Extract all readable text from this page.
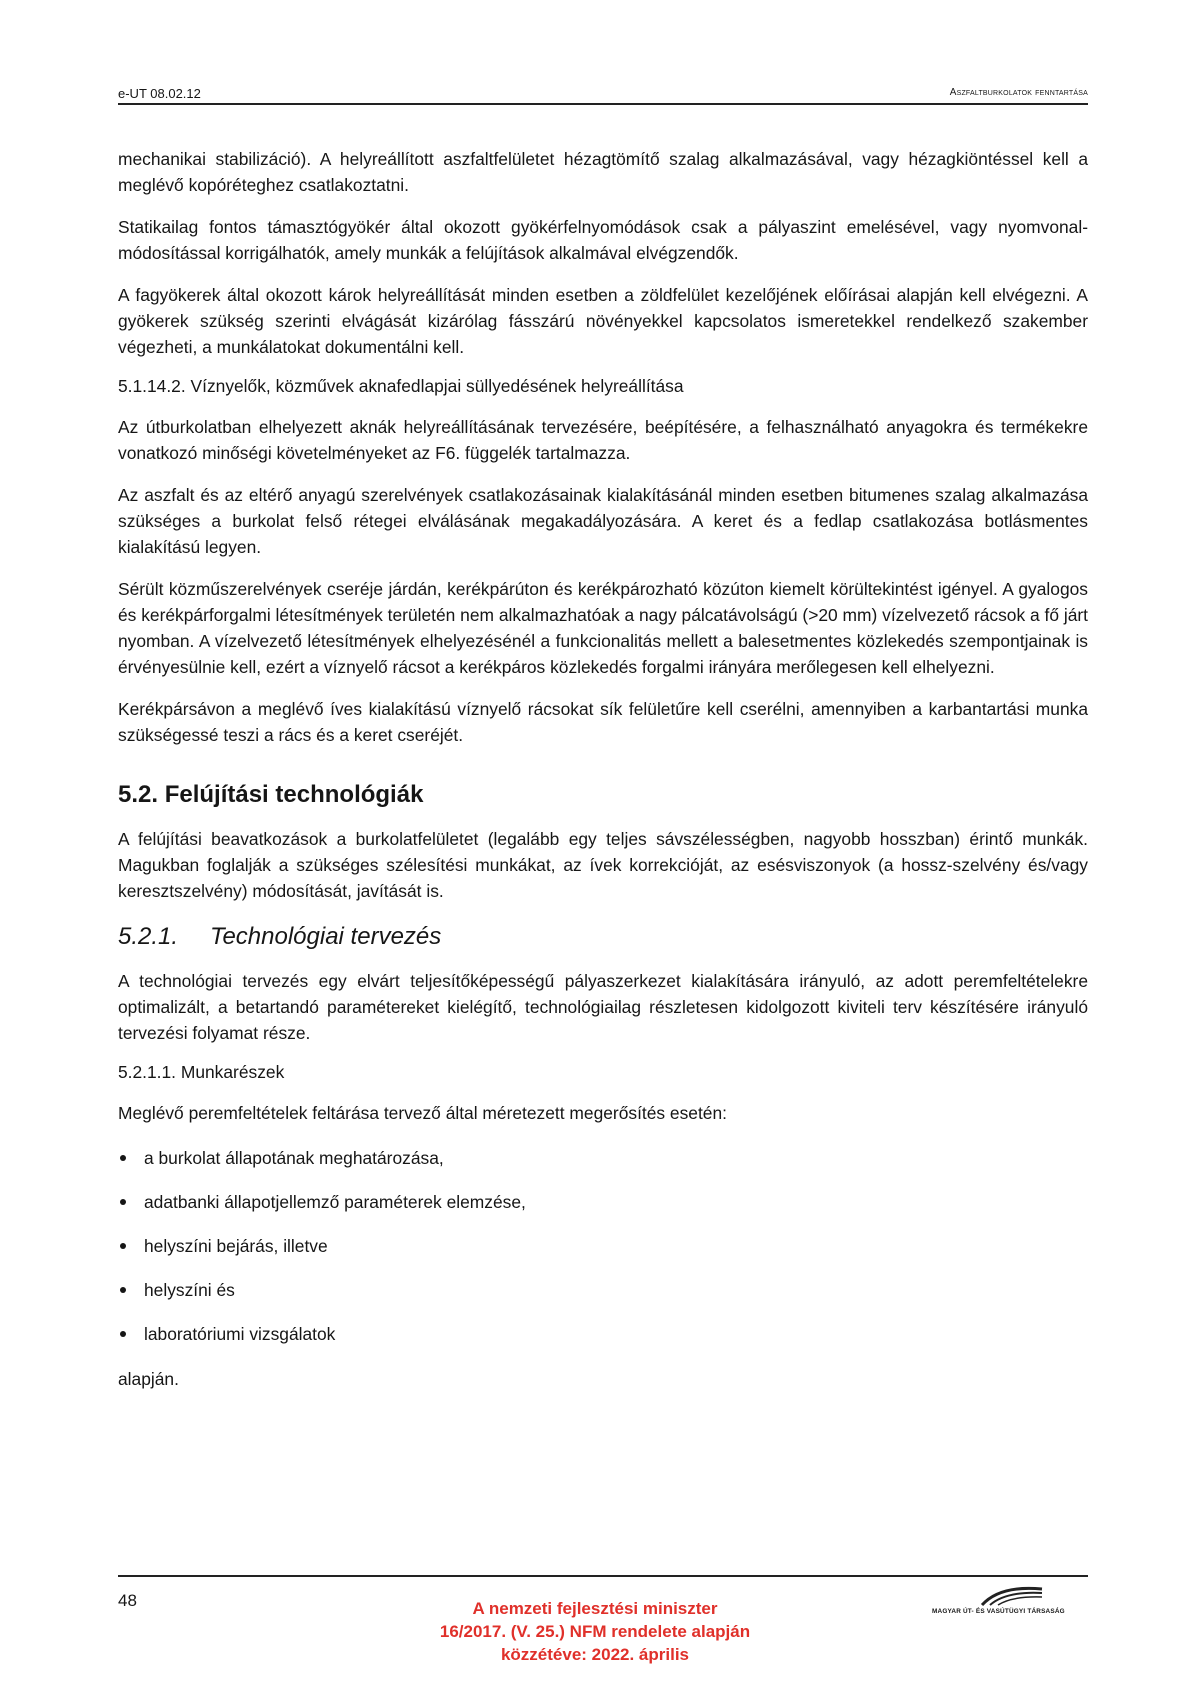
e-UT 08.02.12	Aszfaltburkolatok fenntartása

mechanikai stabilizáció). A helyreállított aszfaltfelületet hézagtömítő szalag alkalmazásával, vagy hézagkiöntéssel kell a meglévő kopóréteghez csatlakoztatni.

Statikailag fontos támasztógyökér által okozott gyökérfelnyomódások csak a pályaszint emelésével, vagy nyomvonal-módosítással korrigálhatók, amely munkák a felújítások alkalmával elvégzendők.

A fagyökerek által okozott károk helyreállítását minden esetben a zöldfelület kezelőjének előírásai alapján kell elvégezni. A gyökerek szükség szerinti elvágását kizárólag fásszárú növényekkel kapcsolatos ismeretekkel rendelkező szakember végezheti, a munkálatokat dokumentálni kell.

5.1.14.2. Víznyelők, közművek aknafedlapjai süllyedésének helyreállítása

Az útburkolatban elhelyezett aknák helyreállításának tervezésére, beépítésére, a felhasználható anyagokra és termékekre vonatkozó minőségi követelményeket az F6. függelék tartalmazza.

Az aszfalt és az eltérő anyagú szerelvények csatlakozásainak kialakításánál minden esetben bitumenes szalag alkalmazása szükséges a burkolat felső rétegei elválásának megakadályozására. A keret és a fedlap csatlakozása botlásmentes kialakítású legyen.

Sérült közműszerelvények cseréje járdán, kerékpárúton és kerékpározható közúton kiemelt körültekintést igényel. A gyalogos és kerékpárforgalmi létesítmények területén nem alkalmazhatóak a nagy pálcatávolságú (>20 mm) vízelvezető rácsok a fő járt nyomban. A vízelvezető létesítmények elhelyezésénél a funkcionalitás mellett a balesetmentes közlekedés szempontjainak is érvényesülnie kell, ezért a víznyelő rácsot a kerékpáros közlekedés forgalmi irányára merőlegesen kell elhelyezni.

Kerékpársávon a meglévő íves kialakítású víznyelő rácsokat sík felületűre kell cserélni, amennyiben a karbantartási munka szükségessé teszi a rács és a keret cseréjét.

5.2. Felújítási technológiák

A felújítási beavatkozások a burkolatfelületet (legalább egy teljes sávszélességben, nagyobb hosszban) érintő munkák. Magukban foglalják a szükséges szélesítési munkákat, az ívek korrekcióját, az esésviszonyok (a hossz-szelvény és/vagy keresztszelvény) módosítását, javítását is.

5.2.1. Technológiai tervezés

A technológiai tervezés egy elvárt teljesítőképességű pályaszerkezet kialakítására irányuló, az adott peremfeltételekre optimalizált, a betartandó paramétereket kielégítő, technológiailag részletesen kidolgozott kiviteli terv készítésére irányuló tervezési folyamat része.

5.2.1.1. Munkarészek

Meglévő peremfeltételek feltárása tervező által méretezett megerősítés esetén:

a burkolat állapotának meghatározása,
adatbanki állapotjellemző paraméterek elemzése,
helyszíni bejárás, illetve
helyszíni és
laboratóriumi vizsgálatok

alapján.

48	A nemzeti fejlesztési miniszter
16/2017. (V. 25.) NFM rendelete alapján
közzétéve: 2022. április
MAGYAR ÚT- ÉS VASÚTÜGYI TÁRSASÁG
